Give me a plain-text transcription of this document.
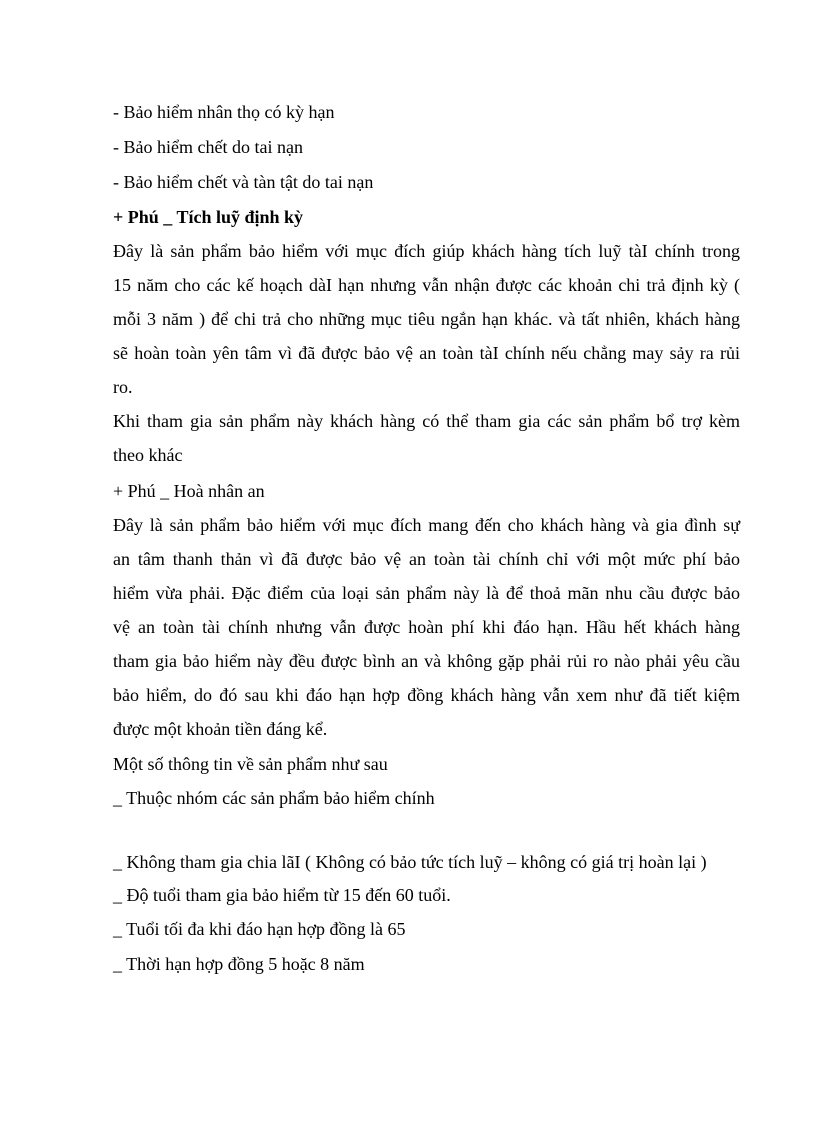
- Bảo hiểm nhân thọ có kỳ hạn
- Bảo hiểm chết do tai nạn
- Bảo hiểm chết và tàn tật do tai nạn
+ Phú _ Tích luỹ định kỳ
Đây là sản phẩm bảo hiểm với mục đích giúp khách hàng tích luỹ tàI chính trong
15 năm cho các kế hoạch dàI hạn nhưng vẫn nhận được các khoản chi trả định kỳ (
mỗi 3 năm ) để chi trả cho những mục tiêu ngắn hạn khác. và tất nhiên, khách hàng
sẽ hoàn toàn yên tâm vì đã được bảo vệ an toàn tàI chính nếu chẳng may sảy ra rủi
ro.
Khi tham gia sản phẩm này khách hàng có thể tham gia các sản phẩm bổ trợ kèm
theo khác
+ Phú _ Hoà nhân an
Đây là sản phẩm bảo hiểm với mục đích mang đến cho khách hàng và gia đình sự
an tâm thanh thản vì đã được bảo vệ an toàn tài chính chỉ với một mức phí bảo
hiểm vừa phải. Đặc điểm của loại sản phẩm này là để thoả mãn nhu cầu được bảo
vệ an toàn tài chính nhưng vẫn được hoàn phí khi đáo hạn. Hầu hết khách hàng
tham gia bảo hiểm này đều được bình an và không gặp phải rủi ro nào phải yêu cầu
bảo hiểm, do đó sau khi đáo hạn hợp đồng khách hàng vẫn xem như đã tiết kiệm
được một khoản tiền đáng kể.
Một số thông tin về sản phẩm như sau
_ Thuộc nhóm các sản phẩm bảo hiểm chính
_ Không tham gia chia lãI ( Không có bảo tức tích luỹ – không có giá trị hoàn lại )
_ Độ tuổi tham gia bảo hiểm từ 15 đến 60 tuổi.
_ Tuổi tối đa khi đáo hạn hợp đồng là 65
_ Thời hạn hợp đồng 5 hoặc 8 năm
